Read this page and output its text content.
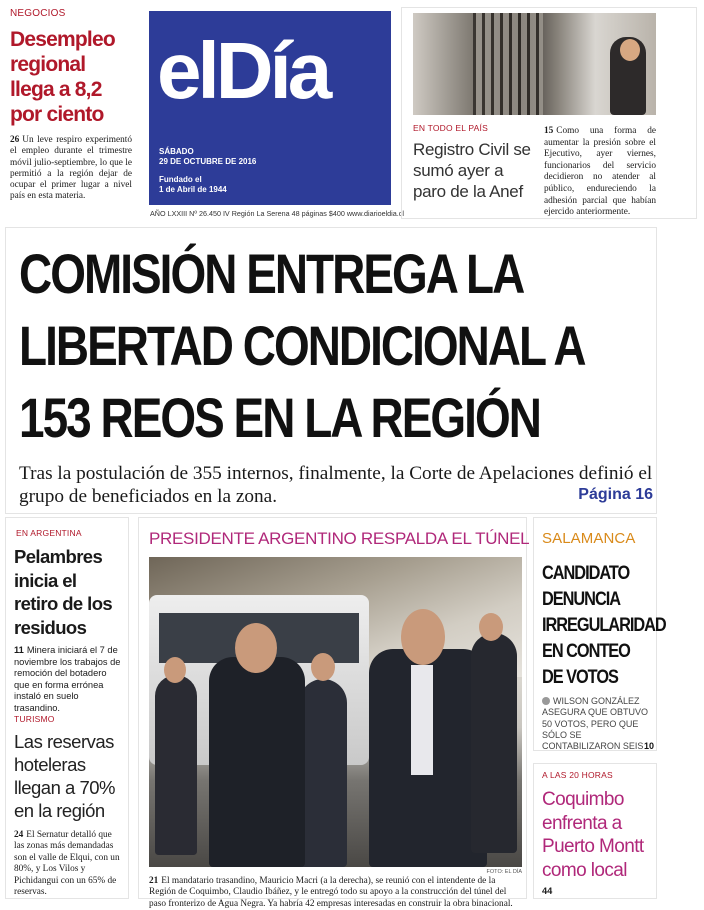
NEGOCIOS
Desempleo regional llega a 8,2 por ciento

26 Un leve respiro experimentó el empleo durante el trimestre móvil julio-septiembre, lo que le permitió a la región dejar de ocupar el primer lugar a nivel país en esta materia.

elDía
SÁBADO
29 DE OCTUBRE DE 2016
Fundado el
1 de Abril de 1944
AÑO LXXIII Nº 26.450 IV Región La Serena 48 páginas $400 www.diarioeldia.cl
EN TODO EL PAÍS
Registro Civil se sumó ayer a paro de la Anef

15 Como una forma de aumentar la presión sobre el Ejecutivo, ayer viernes, funcionarios del servicio decidieron no atender al público, endureciendo la adhesión parcial que habían ejercido anteriormente.

COMISIÓN ENTREGA LA
LIBERTAD CONDICIONAL A
153 REOS EN LA REGIÓN
Tras la postulación de 355 internos, finalmente, la Corte de Apelaciones definió el grupo de beneficiados en la zona.	Página 16
EN ARGENTINA
Pelambres inicia el retiro de los residuos

11 Minera iniciará el 7 de noviembre los trabajos de remoción del botadero que en forma errónea instaló en suelo trasandino.

TURISMO
Las reservas hoteleras llegan a 70% en la región

24 El Sernatur detalló que las zonas más demandadas son el valle de Elqui, con un 80%, y Los Vilos y Pichidangui con un 65% de reservas.

PRESIDENTE ARGENTINO RESPALDA EL TÚNEL
FOTO: EL DÍA

21 El mandatario trasandino, Mauricio Macri (a la derecha), se reunió con el intendente de la Región de Coquimbo, Claudio Ibáñez, y le entregó todo su apoyo a la construcción del túnel del paso fronterizo de Agua Negra. Ya habría 42 empresas interesadas en construir la obra binacional.

SALAMANCA
CANDIDATO DENUNCIA IRREGULARIDAD EN CONTEO DE VOTOS

WILSON GONZÁLEZ ASEGURA QUE OBTUVO 50 VOTOS, PERO QUE SÓLO SE CONTABILIZARON SEIS 10

A LAS 20 HORAS
Coquimbo enfrenta a Puerto Montt como local
44
